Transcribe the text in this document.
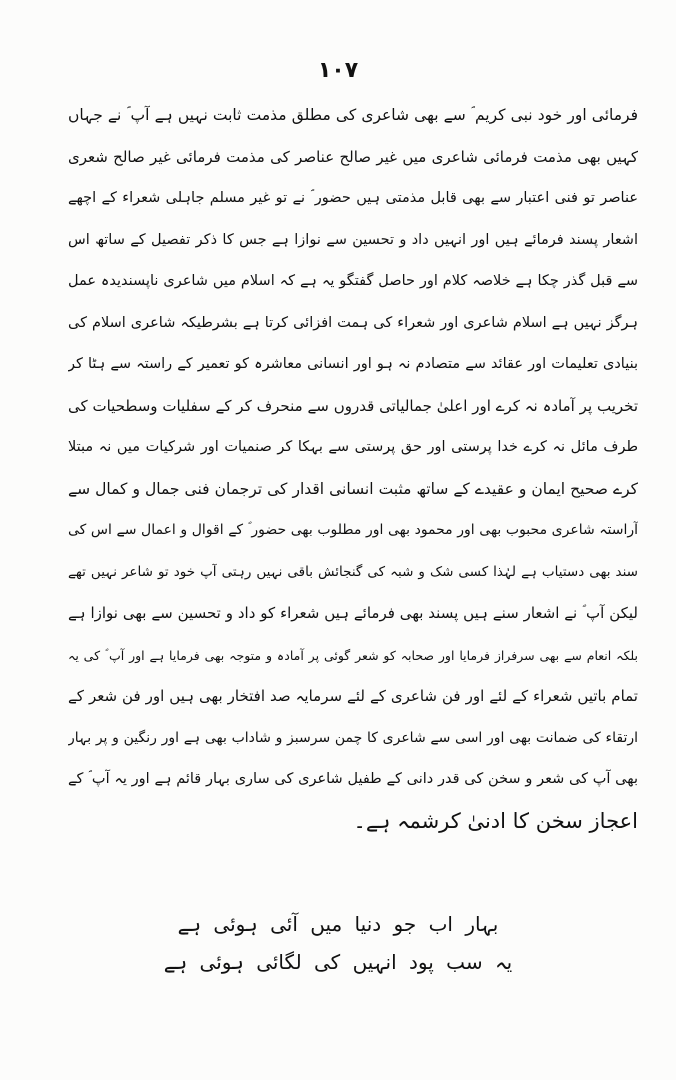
۱۰۷
فرمائی اور خود نبی کریم ؐ سے بھی شاعری کی مطلق مذمت ثابت نہیں ہے آپ ؐ نے جہاں
کہیں بھی مذمت فرمائی شاعری میں غیر صالح عناصر کی مذمت فرمائی غیر صالح شعری
عناصر تو فنی اعتبار سے بھی قابل مذمتی ہیں حضور ؐ نے تو غیر مسلم جاہلی شعراء کے اچھے
اشعار پسند فرمائے ہیں اور انہیں داد و تحسین سے نوازا ہے جس کا ذکر تفصیل کے ساتھ اس
سے قبل گذر چکا ہے خلاصہ کلام اور حاصل گفتگو یہ ہے کہ اسلام میں شاعری ناپسندیدہ عمل
ہرگز نہیں ہے اسلام شاعری اور شعراء کی ہمت افزائی کرتا ہے بشرطیکہ شاعری اسلام کی
بنیادی تعلیمات اور عقائد سے متصادم نہ ہو اور انسانی معاشرہ کو تعمیر کے راستہ سے ہٹا کر
تخریب پر آمادہ نہ کرے اور اعلیٰ جمالیاتی قدروں سے منحرف کر کے سفلیات وسطحیات کی
طرف مائل نہ کرے خدا پرستی اور حق پرستی سے بہکا کر صنمیات اور شرکیات میں نہ مبتلا
کرے صحیح ایمان و عقیدے کے ساتھ مثبت انسانی اقدار کی ترجمان فنی جمال و کمال سے
آراستہ شاعری محبوب بھی اور محمود بھی اور مطلوب بھی حضور ؐ کے اقوال و اعمال سے اس کی
سند بھی دستیاب ہے لہٰذا کسی شک و شبہ کی گنجائش باقی نہیں رہتی آپ خود تو شاعر نہیں تھے
لیکن آپ ؐ نے اشعار سنے ہیں پسند بھی فرمائے ہیں شعراء کو داد و تحسین سے بھی نوازا ہے
بلکہ انعام سے بھی سرفراز فرمایا اور صحابہ کو شعر گوئی پر آمادہ و متوجہ بھی فرمایا ہے اور آپ ؐ کی یہ
تمام باتیں شعراء کے لئے اور فن شاعری کے لئے سرمایہ صد افتخار بھی ہیں اور فن شعر کے
ارتقاء کی ضمانت بھی اور اسی سے شاعری کا چمن سرسبز و شاداب بھی ہے اور رنگین و پر بہار
بھی آپ کی شعر و سخن کی قدر دانی کے طفیل شاعری کی ساری بہار قائم ہے اور یہ آپ ؐ کے
اعجاز سخن کا ادنیٰ کرشمہ ہے۔
بہار اب جو دنیا میں آئی ہوئی ہے
یہ سب پود انہیں کی لگائی ہوئی ہے
